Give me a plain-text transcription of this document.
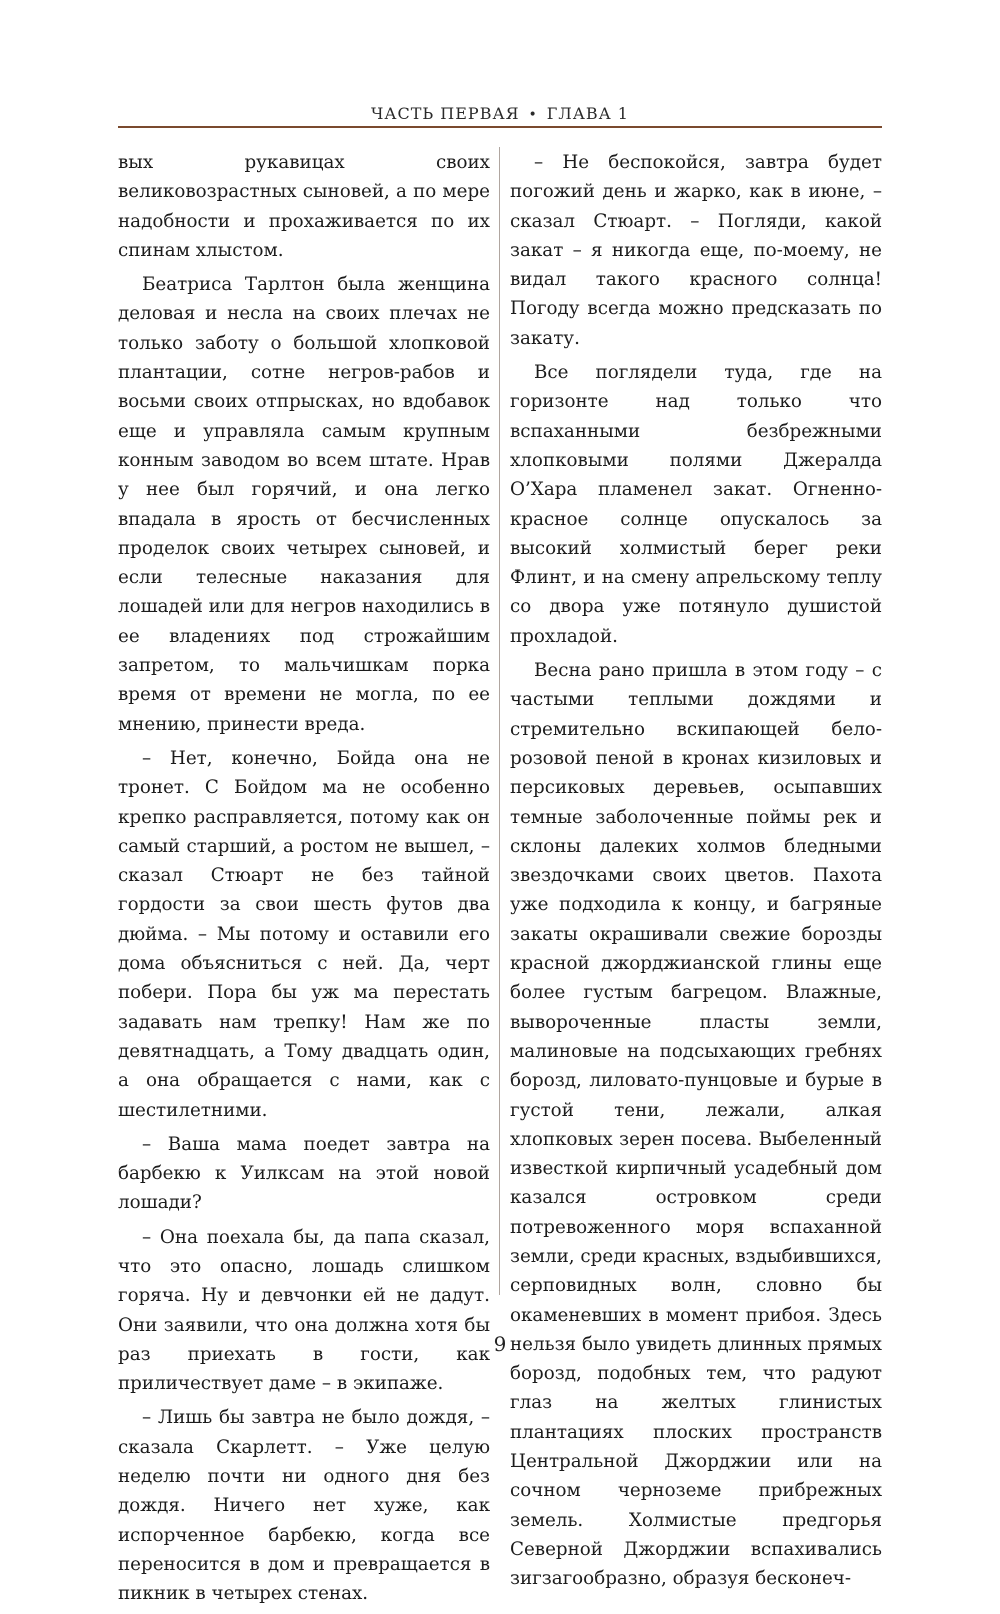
ЧАСТЬ ПЕРВАЯ • ГЛАВА 1

вых рукавицах своих великовозрастных сыновей, а по мере надобности и прохаживается по их спинам хлыстом.

Беатриса Тарлтон была женщина деловая и несла на своих плечах не только заботу о большой хлопковой плантации, сотне негров-рабов и восьми своих отпрысках, но вдобавок еще и управляла самым крупным конным заводом во всем штате. Нрав у нее был горячий, и она легко впадала в ярость от бесчисленных проделок своих четырех сыновей, и если телесные наказания для лошадей или для негров находились в ее владениях под строжайшим запретом, то мальчишкам порка время от времени не могла, по ее мнению, принести вреда.

– Нет, конечно, Бойда она не тронет. С Бойдом ма не особенно крепко расправляется, потому как он самый старший, а ростом не вышел, – сказал Стюарт не без тайной гордости за свои шесть футов два дюйма. – Мы потому и оставили его дома объясниться с ней. Да, черт побери. Пора бы уж ма перестать задавать нам трепку! Нам же по девятнадцать, а Тому двадцать один, а она обращается с нами, как с шестилетними.

– Ваша мама поедет завтра на барбекю к Уилксам на этой новой лошади?

– Она поехала бы, да папа сказал, что это опасно, лошадь слишком горяча. Ну и девчонки ей не дадут. Они заявили, что она должна хотя бы раз приехать в гости, как приличествует даме – в экипаже.

– Лишь бы завтра не было дождя, – сказала Скарлетт. – Уже целую неделю почти ни одного дня без дождя. Ничего нет хуже, как испорченное барбекю, когда все переносится в дом и превращается в пикник в четырех стенах.

– Не беспокойся, завтра будет погожий день и жарко, как в июне, – сказал Стюарт. – Погляди, какой закат – я никогда еще, по-моему, не видал такого красного солнца! Погоду всегда можно предсказать по закату.

Все поглядели туда, где на горизонте над только что вспаханными безбрежными хлопковыми полями Джералда О’Хара пламенел закат. Огненно-красное солнце опускалось за высокий холмистый берег реки Флинт, и на смену апрельскому теплу со двора уже потянуло душистой прохладой.

Весна рано пришла в этом году – с частыми теплыми дождями и стремительно вскипающей бело-розовой пеной в кронах кизиловых и персиковых деревьев, осыпавших темные заболоченные поймы рек и склоны далеких холмов бледными звездочками своих цветов. Пахота уже подходила к концу, и багряные закаты окрашивали свежие борозды красной джорджианской глины еще более густым багрецом. Влажные, вывороченные пласты земли, малиновые на подсыхающих гребнях борозд, лиловато-пунцовые и бурые в густой тени, лежали, алкая хлопковых зерен посева. Выбеленный известкой кирпичный усадебный дом казался островком среди потревоженного моря вспаханной земли, среди красных, вздыбившихся, серповидных волн, словно бы окаменевших в момент прибоя. Здесь нельзя было увидеть длинных прямых борозд, подобных тем, что радуют глаз на желтых глинистых плантациях плоских пространств Центральной Джорджии или на сочном черноземе прибрежных земель. Холмистые предгорья Северной Джорджии вспахивались зигзагообразно, образуя бесконеч-

9
